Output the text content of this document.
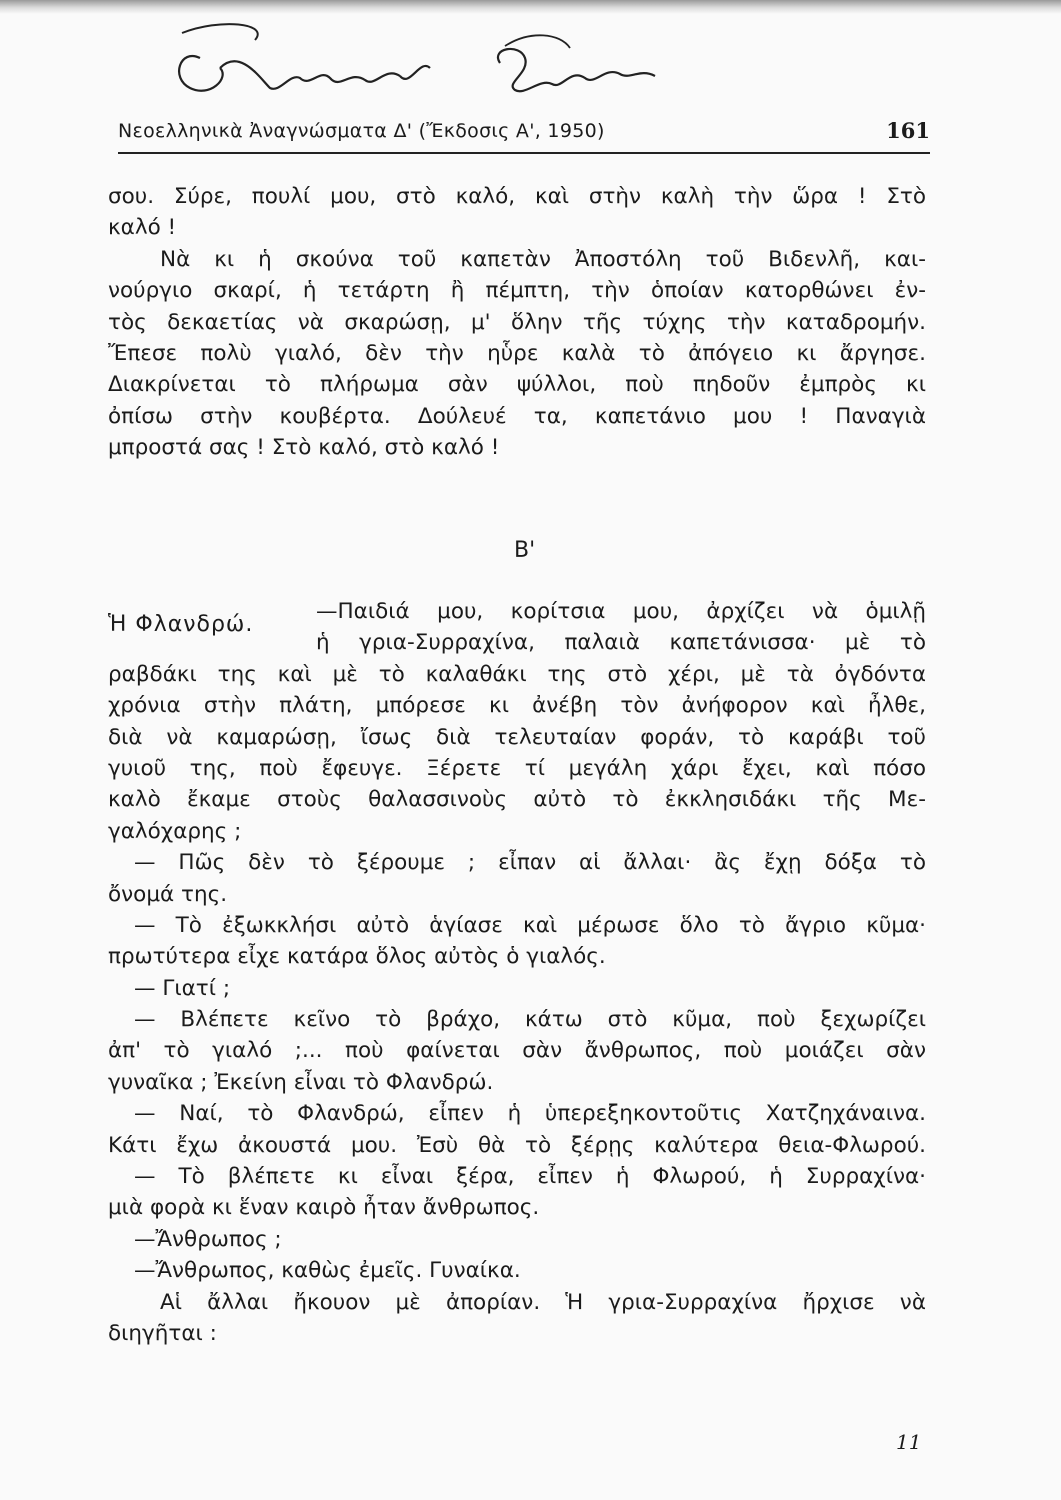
Νεοελληνικὰ Ἀναγνώσματα Δ' (Ἔκδοσις Α', 1950)	161
σου. Σύρε, πουλί μου, στὸ καλό, καὶ στὴν καλὴ τὴν ὥρα ! Στὸ
καλό !
Νὰ κι ἡ σκούνα τοῦ καπετὰν Ἀποστόλη τοῦ Βιδενλῆ, και-
νούργιο σκαρί, ἡ τετάρτη ἢ πέμπτη, τὴν ὁποίαν κατορθώνει ἐν-
τὸς δεκαετίας νὰ σκαρώσῃ, μ' ὅλην τῆς τύχης τὴν καταδρομήν.
Ἔπεσε πολὺ γιαλό, δὲν τὴν ηὗρε καλὰ τὸ ἀπόγειο κι ἄργησε.
Διακρίνεται τὸ πλήρωμα σὰν ψύλλοι, ποὺ πηδοῦν ἐμπρὸς κι
ὀπίσω στὴν κουβέρτα. Δούλευέ τα, καπετάνιο μου ! Παναγιὰ
μπροστά σας ! Στὸ καλό, στὸ καλό !
Β'
Ἡ Φλανδρώ.
—Παιδιά μου, κορίτσια μου, ἀρχίζει νὰ ὁμιλῇ
ἡ γρια-Συρραχίνα, παλαιὰ καπετάνισσα· μὲ τὸ
ραβδάκι της καὶ μὲ τὸ καλαθάκι της στὸ χέρι, μὲ τὰ ὀγδόντα
χρόνια στὴν πλάτη, μπόρεσε κι ἀνέβη τὸν ἀνήφορον καὶ ἦλθε,
διὰ νὰ καμαρώσῃ, ἴσως διὰ τελευταίαν φοράν, τὸ καράβι τοῦ
γυιοῦ της, ποὺ ἔφευγε. Ξέρετε τί μεγάλη χάρι ἔχει, καὶ πόσο
καλὸ ἔκαμε στοὺς θαλασσινοὺς αὐτὸ τὸ ἐκκλησιδάκι τῆς Με-
γαλόχαρης ;
— Πῶς δὲν τὸ ξέρουμε ; εἶπαν αἱ ἄλλαι· ἂς ἔχῃ δόξα τὸ
ὄνομά της.
— Τὸ ἐξωκκλήσι αὐτὸ ἁγίασε καὶ μέρωσε ὅλο τὸ ἄγριο κῦμα·
πρωτύτερα εἶχε κατάρα ὅλος αὐτὸς ὁ γιαλός.
— Γιατί ;
— Βλέπετε κεῖνο τὸ βράχο, κάτω στὸ κῦμα, ποὺ ξεχωρίζει
ἀπ' τὸ γιαλό ;... ποὺ φαίνεται σὰν ἄνθρωπος, ποὺ μοιάζει σὰν
γυναῖκα ; Ἐκείνη εἶναι τὸ Φλανδρώ.
— Ναί, τὸ Φλανδρώ, εἶπεν ἡ ὑπερεξηκοντοῦτις Χατζηχάναινα.
Κάτι ἔχω ἀκουστά μου. Ἐσὺ θὰ τὸ ξέρῃς καλύτερα θεια-Φλωρού.
— Τὸ βλέπετε κι εἶναι ξέρα, εἶπεν ἡ Φλωρού, ἡ Συρραχίνα·
μιὰ φορὰ κι ἕναν καιρὸ ἦταν ἄνθρωπος.
—Ἄνθρωπος ;
—Ἄνθρωπος, καθὼς ἐμεῖς. Γυναίκα.
Αἱ ἄλλαι ἤκουον μὲ ἀπορίαν. Ἡ γρια-Συρραχίνα ἤρχισε νὰ
διηγῆται :
11
